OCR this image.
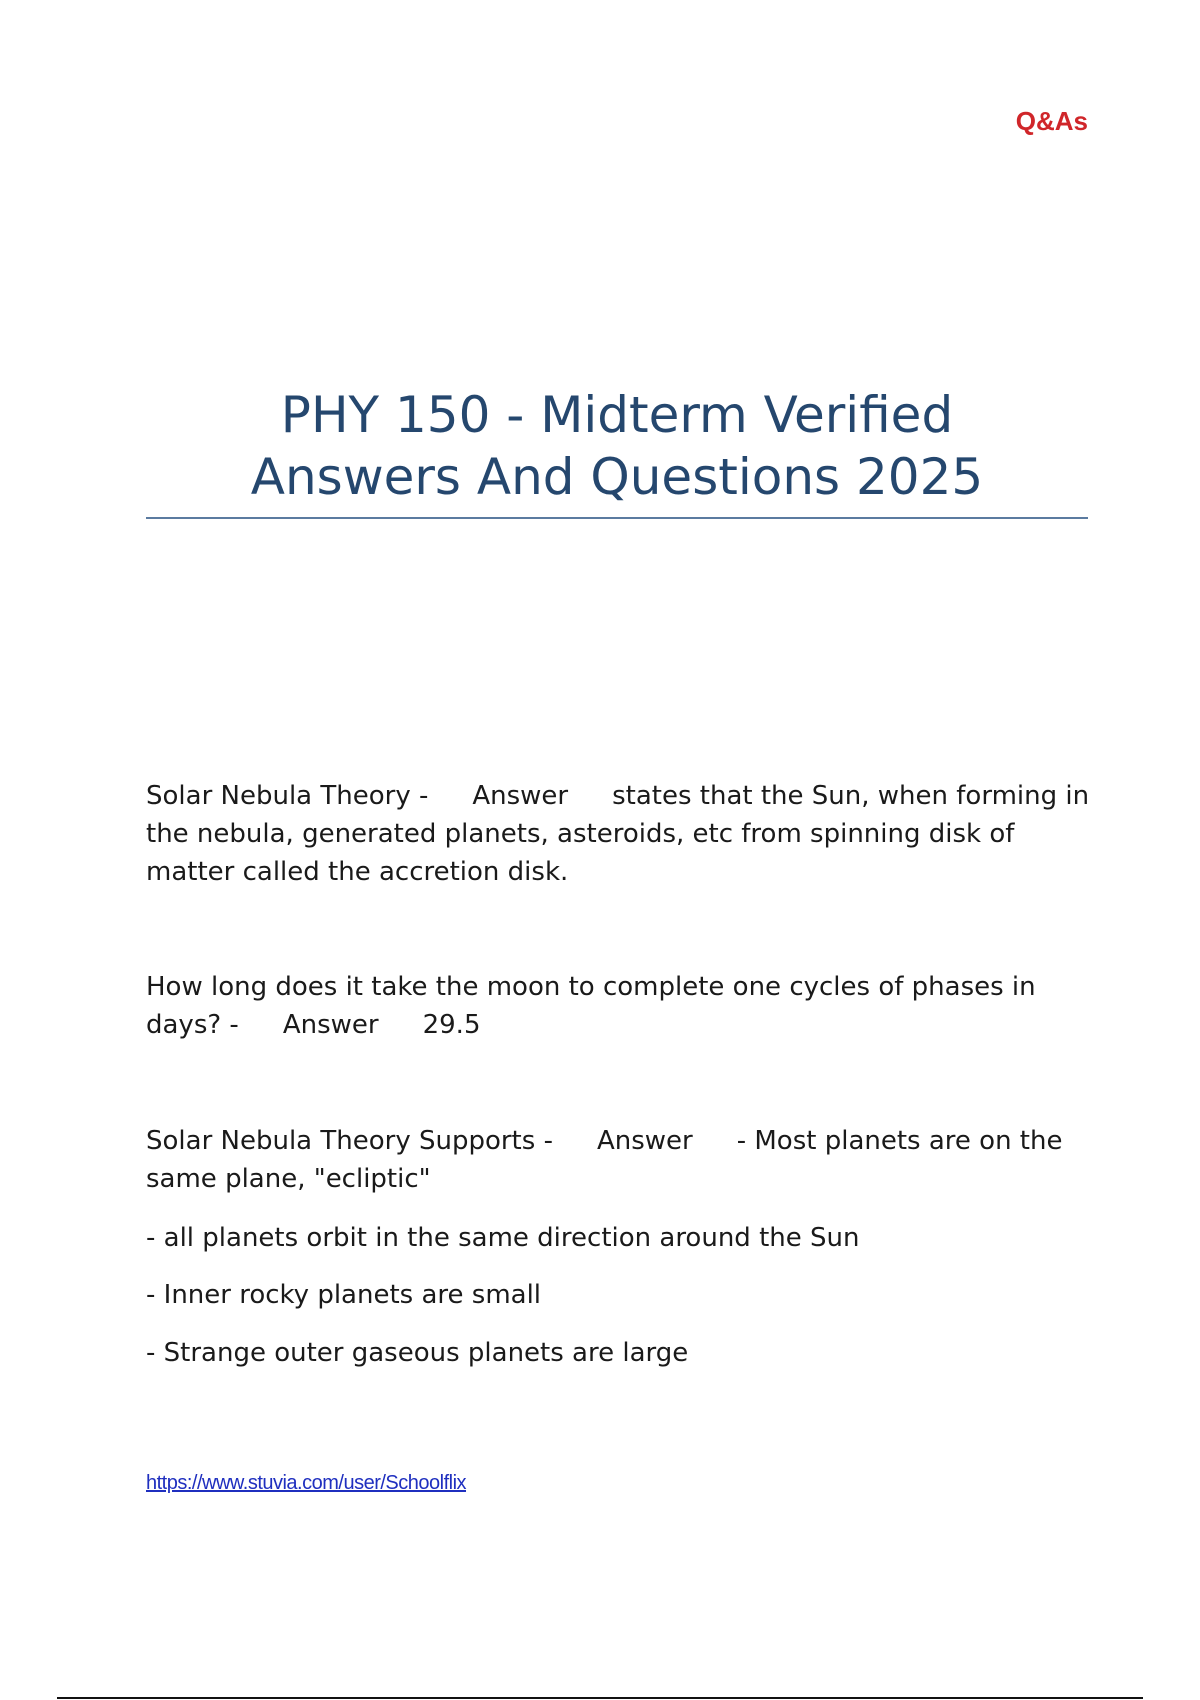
Q&As
PHY 150 - Midterm Verified
Answers And Questions 2025

Solar Nebula Theory - Answer states that the Sun, when forming in the nebula, generated planets, asteroids, etc from spinning disk of matter called the accretion disk.

How long does it take the moon to complete one cycles of phases in days? - Answer 29.5

Solar Nebula Theory Supports - Answer - Most planets are on the same plane, "ecliptic"

- all planets orbit in the same direction around the Sun

- Inner rocky planets are small

- Strange outer gaseous planets are large

https://www.stuvia.com/user/Schoolflix
